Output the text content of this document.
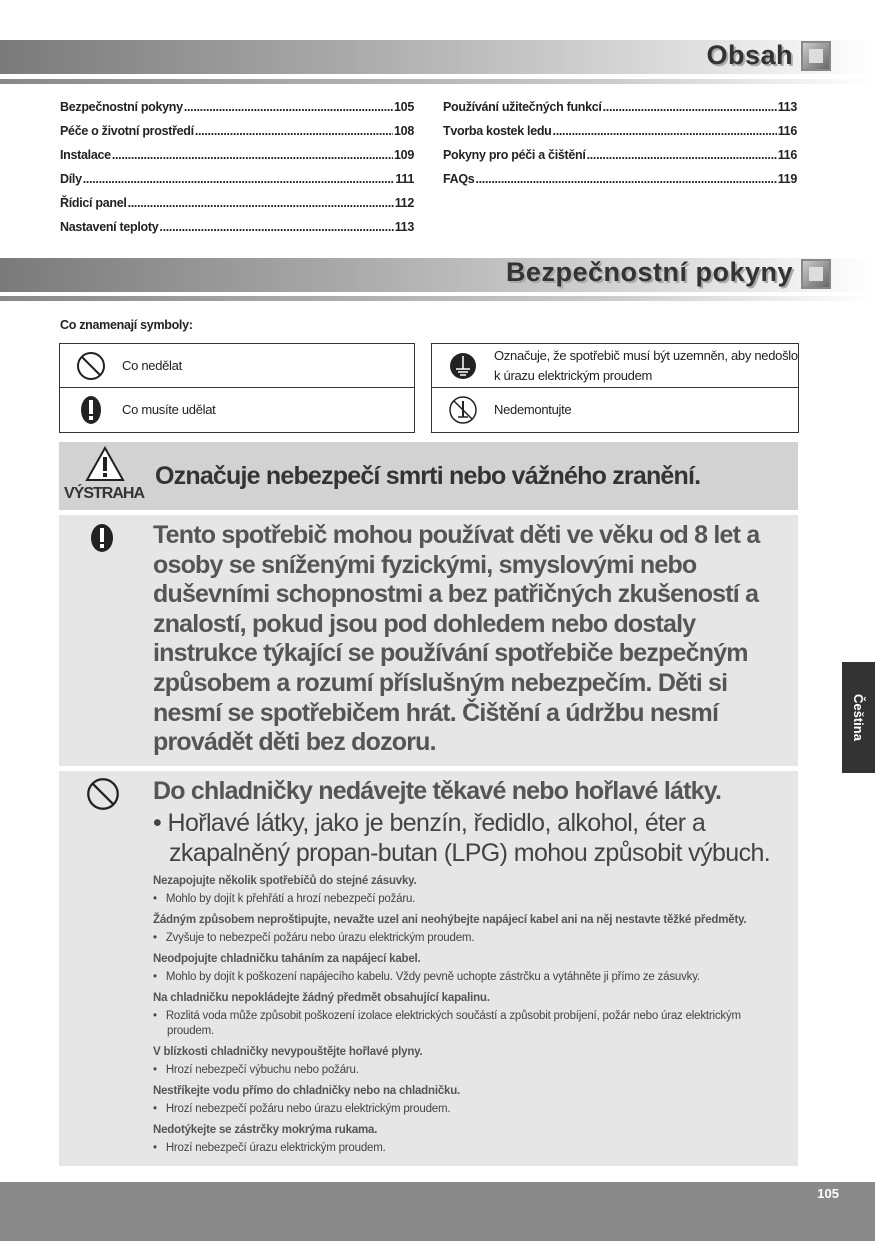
Obsah
Bezpečnostní pokyny .....	105
Péče o životní prostředí .....	108
Instalace .....	109
Díly .....	111
Řídicí panel .....	112
Nastavení teploty .....	113
Používání užitečných funkcí .....	113
Tvorba kostek ledu .....	116
Pokyny pro péči a čištění .....	116
FAQs .....	119
Bezpečnostní pokyny
Co znamenají symboly:
Co nedělat
Co musíte udělat
Označuje, že spotřebič musí být uzemněn, aby nedošlo k úrazu elektrickým proudem
Nedemontujte
VÝSTRAHA
Označuje nebezpečí smrti nebo vážného zranění.
Tento spotřebič mohou používat děti ve věku od 8 let a osoby se sníženými fyzickými, smyslovými nebo duševními schopnostmi a bez patřičných zkušeností a znalostí, pokud jsou pod dohledem nebo dostaly instrukce týkající se používání spotřebiče bezpečným způsobem a rozumí příslušným nebezpečím. Děti si nesmí se spotřebičem hrát. Čištění a údržbu nesmí provádět děti bez dozoru.
Do chladničky nedávejte těkavé nebo hořlavé látky.
• Hořlavé látky, jako je benzín, ředidlo, alkohol, éter a zkapalněný propan-butan (LPG) mohou způsobit výbuch.
Nezapojujte několik spotřebičů do stejné zásuvky.
•   Mohlo by dojít k přehřátí a hrozí nebezpečí požáru.
Žádným způsobem neproštipujte, nevažte uzel ani neohýbejte napájecí kabel ani na něj nestavte těžké předměty.
•   Zvyšuje to nebezpečí požáru nebo úrazu elektrickým proudem.
Neodpojujte chladničku taháním za napájecí kabel.
•   Mohlo by dojít k poškození napájecího kabelu. Vždy pevně uchopte zástrčku a vytáhněte ji přímo ze zásuvky.
Na chladničku nepokládejte žádný předmět obsahující kapalinu.
•   Rozlitá voda může způsobit poškození izolace elektrických součástí a způsobit probíjení, požár nebo úraz elektrickým proudem.
V blízkosti chladničky nevypouštějte hořlavé plyny.
•   Hrozí nebezpečí výbuchu nebo požáru.
Nestříkejte vodu přímo do chladničky nebo na chladničku.
•   Hrozí nebezpečí požáru nebo úrazu elektrickým proudem.
Nedotýkejte se zástrčky mokrýma rukama.
•   Hrozí nebezpečí úrazu elektrickým proudem.
Čeština
105
